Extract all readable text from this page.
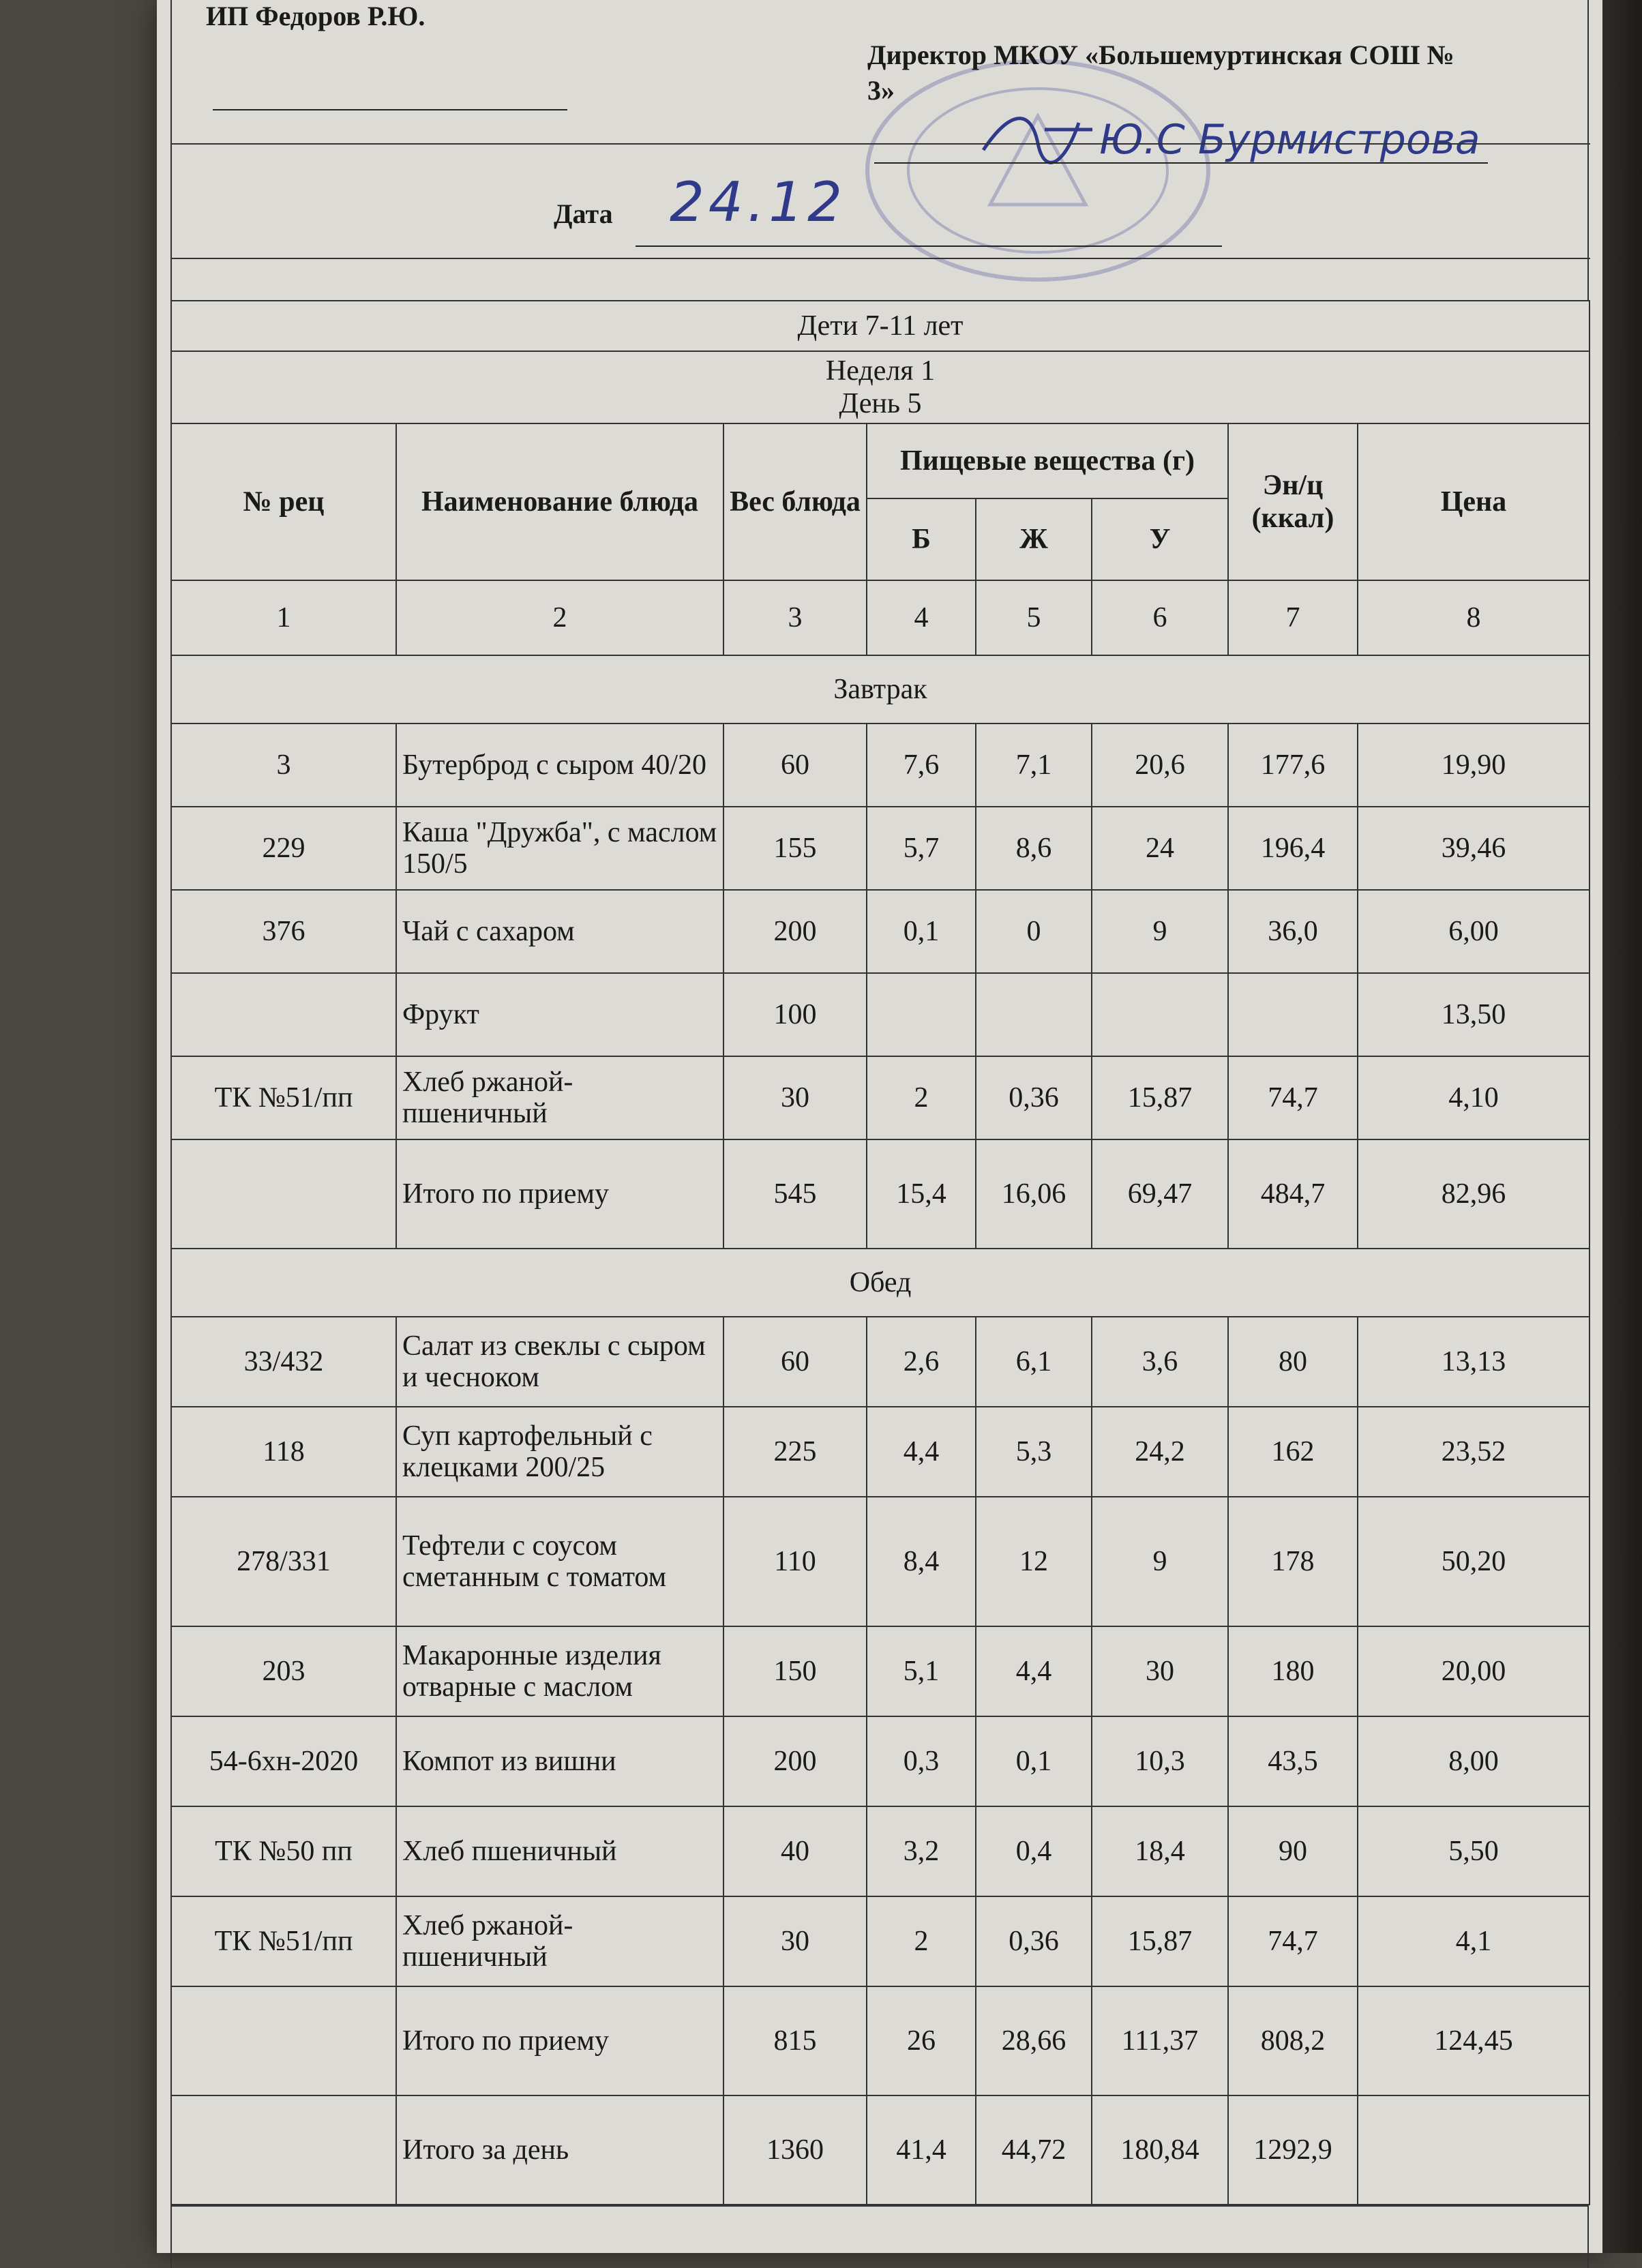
ИП Федоров Р.Ю.
Директор МКОУ «Большемуртинская СОШ № 3»
Ю.С Бурмистрова
Дата 24.12
Дети 7-11 лет							

Неделя 1
День 5							

№ рец	Наименование блюда	Вес блюда	Пищевые вещества (г)			Эн/ц (ккал)	Цена
			Б	Ж	У		
1	2	3	4	5	6	7	8
Завтрак							
3	Бутерброд с сыром 40/20	60	7,6	7,1	20,6	177,6	19,90
229	Каша "Дружба", с маслом 150/5	155	5,7	8,6	24	196,4	39,46
376	Чай с сахаром	200	0,1	0	9	36,0	6,00
	Фрукт	100					13,50
ТК №51/пп	Хлеб ржаной-пшеничный	30	2	0,36	15,87	74,7	4,10
	Итого по приему	545	15,4	16,06	69,47	484,7	82,96
Обед							
33/432	Салат из свеклы с сыром и чесноком	60	2,6	6,1	3,6	80	13,13
118	Суп картофельный с клецками 200/25	225	4,4	5,3	24,2	162	23,52
278/331	Тефтели с соусом сметанным с томатом	110	8,4	12	9	178	50,20
203	Макаронные изделия отварные с маслом	150	5,1	4,4	30	180	20,00
54-6хн-2020	Компот из вишни	200	0,3	0,1	10,3	43,5	8,00
ТК №50 пп	Хлеб пшеничный	40	3,2	0,4	18,4	90	5,50
ТК №51/пп	Хлеб ржаной-пшеничный	30	2	0,36	15,87	74,7	4,1
	Итого по приему	815	26	28,66	111,37	808,2	124,45
	Итого за день	1360	41,4	44,72	180,84	1292,9	
